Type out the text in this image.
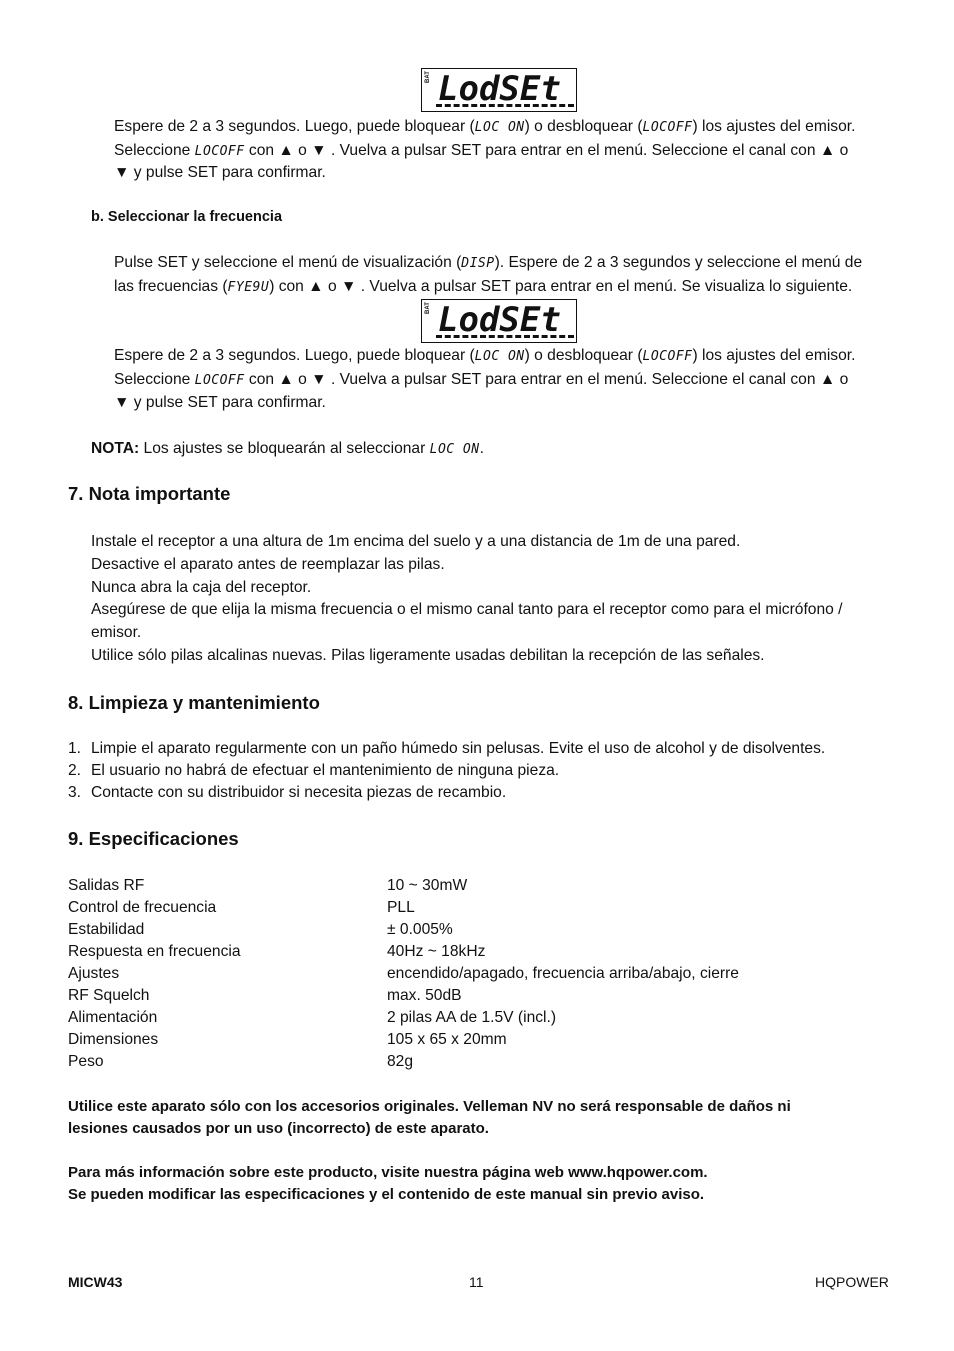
BAT LodSEt
Espere de 2 a 3 segundos. Luego, puede bloquear (LOC ON) o desbloquear (LOCOFF) los ajustes del emisor.
Seleccione LOCOFF con ▲ o ▼ . Vuelva a pulsar SET para entrar en el menú. Seleccione el canal con ▲ o
▼ y pulse SET para confirmar.
b. Seleccionar la frecuencia
Pulse SET y seleccione el menú de visualización (DISP). Espere de 2 a 3 segundos y seleccione el menú de
las frecuencias (FYE9U) con ▲ o ▼ . Vuelva a pulsar SET para entrar en el menú. Se visualiza lo siguiente.
BAT LodSEt
Espere de 2 a 3 segundos. Luego, puede bloquear (LOC ON) o desbloquear (LOCOFF) los ajustes del emisor.
Seleccione LOCOFF con ▲ o ▼ . Vuelva a pulsar SET para entrar en el menú. Seleccione el canal con ▲ o
▼ y pulse SET para confirmar.
NOTA: Los ajustes se bloquearán al seleccionar LOC ON.
7. Nota importante
Instale el receptor a una altura de 1m encima del suelo y a una distancia de 1m de una pared.
Desactive el aparato antes de reemplazar las pilas.
Nunca abra la caja del receptor.
Asegúrese de que elija la misma frecuencia o el mismo canal tanto para el receptor como para el micrófono /
emisor.
Utilice sólo pilas alcalinas nuevas. Pilas ligeramente usadas debilitan la recepción de las señales.
8. Limpieza y mantenimiento
1. Limpie el aparato regularmente con un paño húmedo sin pelusas. Evite el uso de alcohol y de disolventes.
2. El usuario no habrá de efectuar el mantenimiento de ninguna pieza.
3. Contacte con su distribuidor si necesita piezas de recambio.
9. Especificaciones
Salidas RF	10 ~ 30mW
Control de frecuencia	PLL
Estabilidad	± 0.005%
Respuesta en frecuencia	40Hz ~ 18kHz
Ajustes	encendido/apagado, frecuencia arriba/abajo, cierre
RF Squelch	max. 50dB
Alimentación	2 pilas AA de 1.5V (incl.)
Dimensiones	105 x 65 x 20mm
Peso	82g
Utilice este aparato sólo con los accesorios originales. Velleman NV no será responsable de daños ni
lesiones causados por un uso (incorrecto) de este aparato.
Para más información sobre este producto, visite nuestra página web www.hqpower.com.
Se pueden modificar las especificaciones y el contenido de este manual sin previo aviso.
MICW43	11	HQPOWER
